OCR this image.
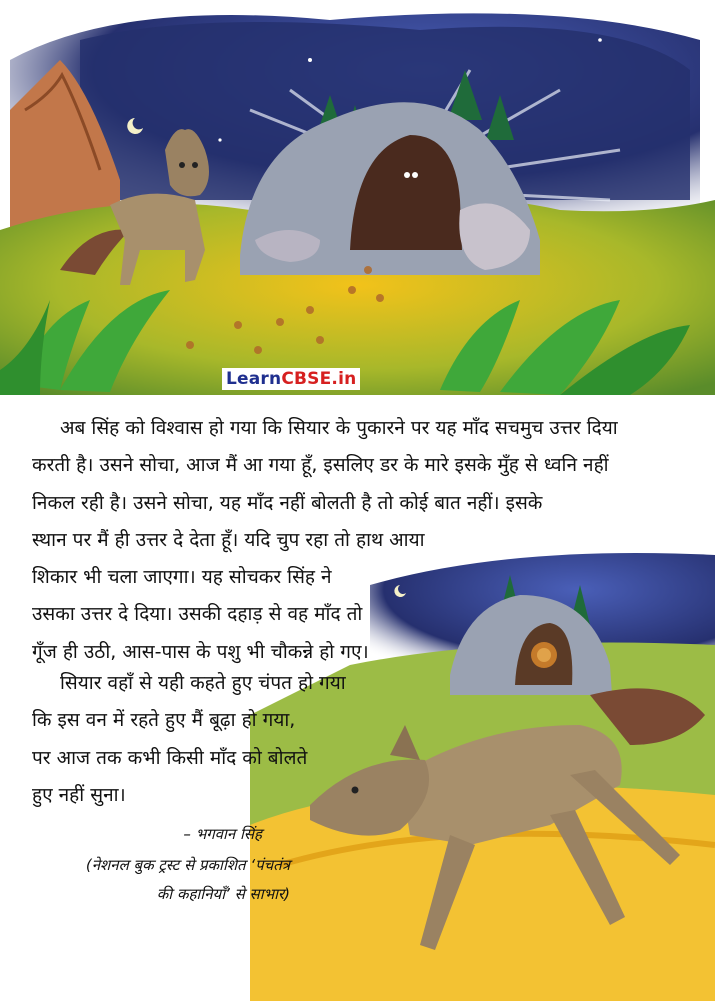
LearnCBSE.in
अब सिंह को विश्वास हो गया कि सियार के पुकारने पर यह माँद सचमुच उत्तर दिया
करती है। उसने सोचा, आज मैं आ गया हूँ, इसलिए डर के मारे इसके मुँह से ध्वनि नहीं
निकल रही है। उसने सोचा, यह माँद नहीं बोलती है तो कोई बात नहीं। इसके
स्थान पर मैं ही उत्तर दे देता हूँ। यदि चुप रहा तो हाथ आया
शिकार भी चला जाएगा। यह सोचकर सिंह ने
उसका उत्तर दे दिया। उसकी दहाड़ से वह माँद तो
गूँज ही उठी, आस-पास के पशु भी चौकन्ने हो गए।
सियार वहाँ से यही कहते हुए चंपत हो गया
कि इस वन में रहते हुए मैं बूढ़ा हो गया,
पर आज तक कभी किसी माँद को बोलते
हुए नहीं सुना।
– भगवान सिंह
(नेशनल बुक ट्रस्ट से प्रकाशित ‘पंचतंत्र
की कहानियाँ’ से साभार)
